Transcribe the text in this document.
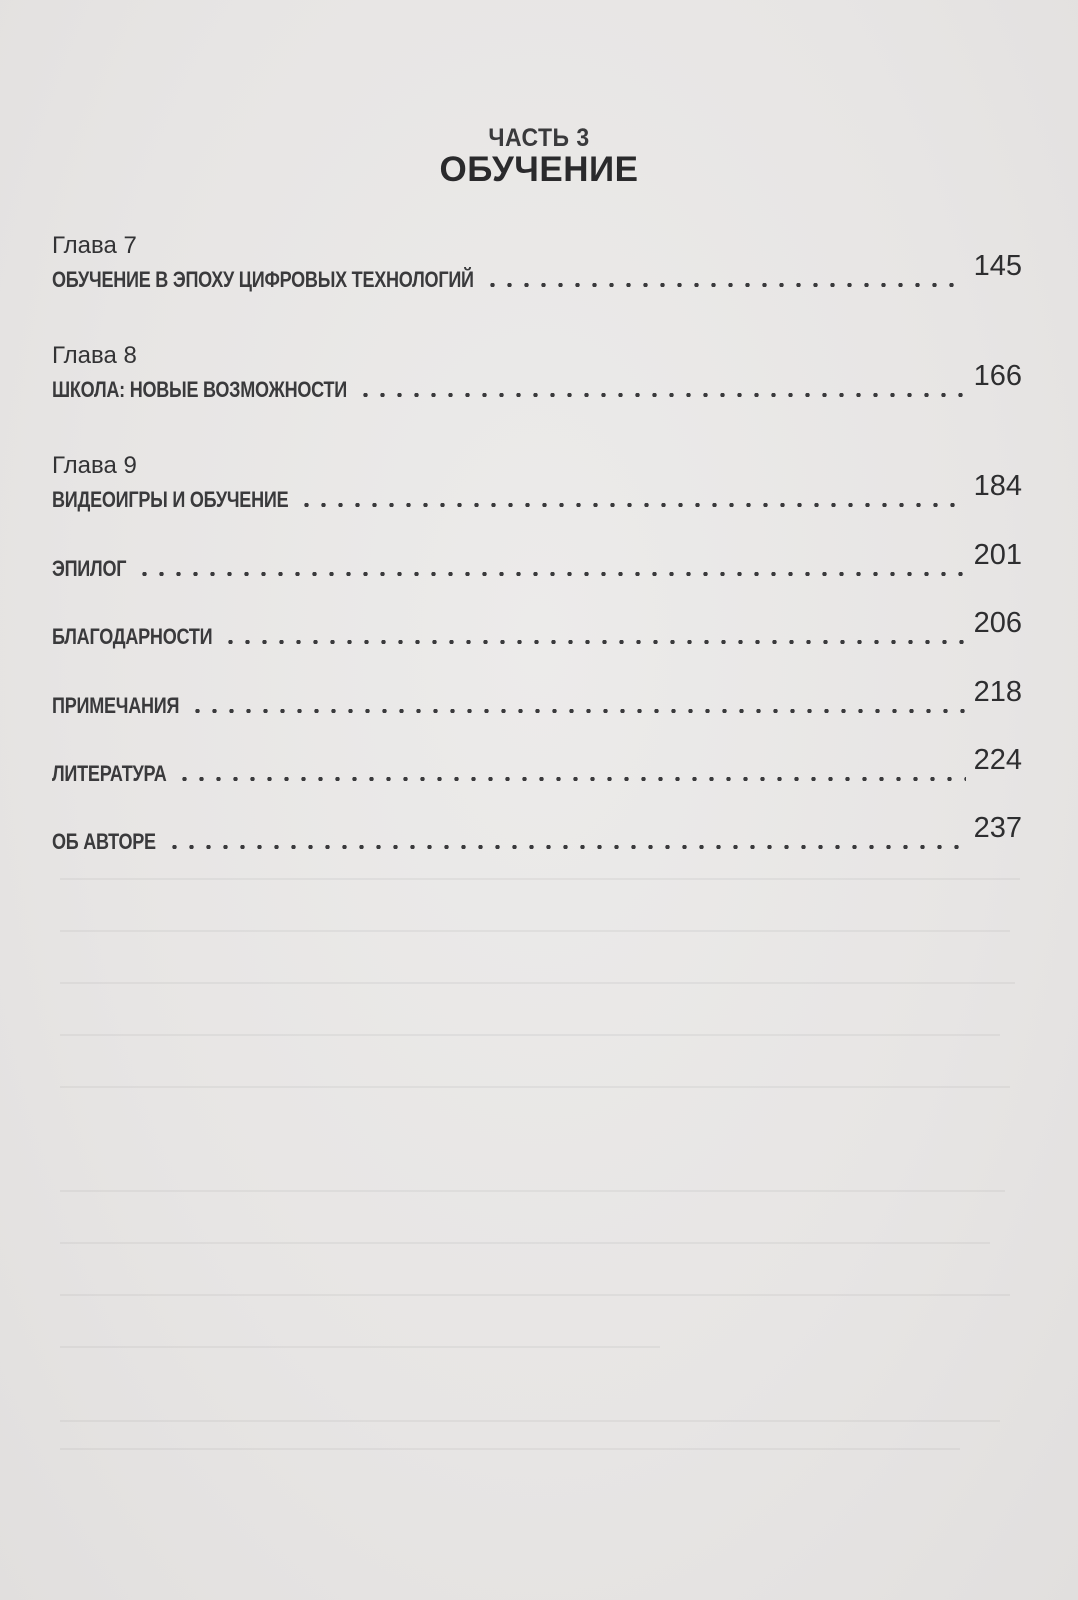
ЧАСТЬ 3
ОБУЧЕНИЕ
Глава 7
ОБУЧЕНИЕ В ЭПОХУ ЦИФРОВЫХ ТЕХНОЛОГИЙ	145
Глава 8
ШКОЛА: НОВЫЕ ВОЗМОЖНОСТИ	166
Глава 9
ВИДЕОИГРЫ И ОБУЧЕНИЕ	184
ЭПИЛОГ	201
БЛАГОДАРНОСТИ	206
ПРИМЕЧАНИЯ	218
ЛИТЕРАТУРА	224
ОБ АВТОРЕ	237
